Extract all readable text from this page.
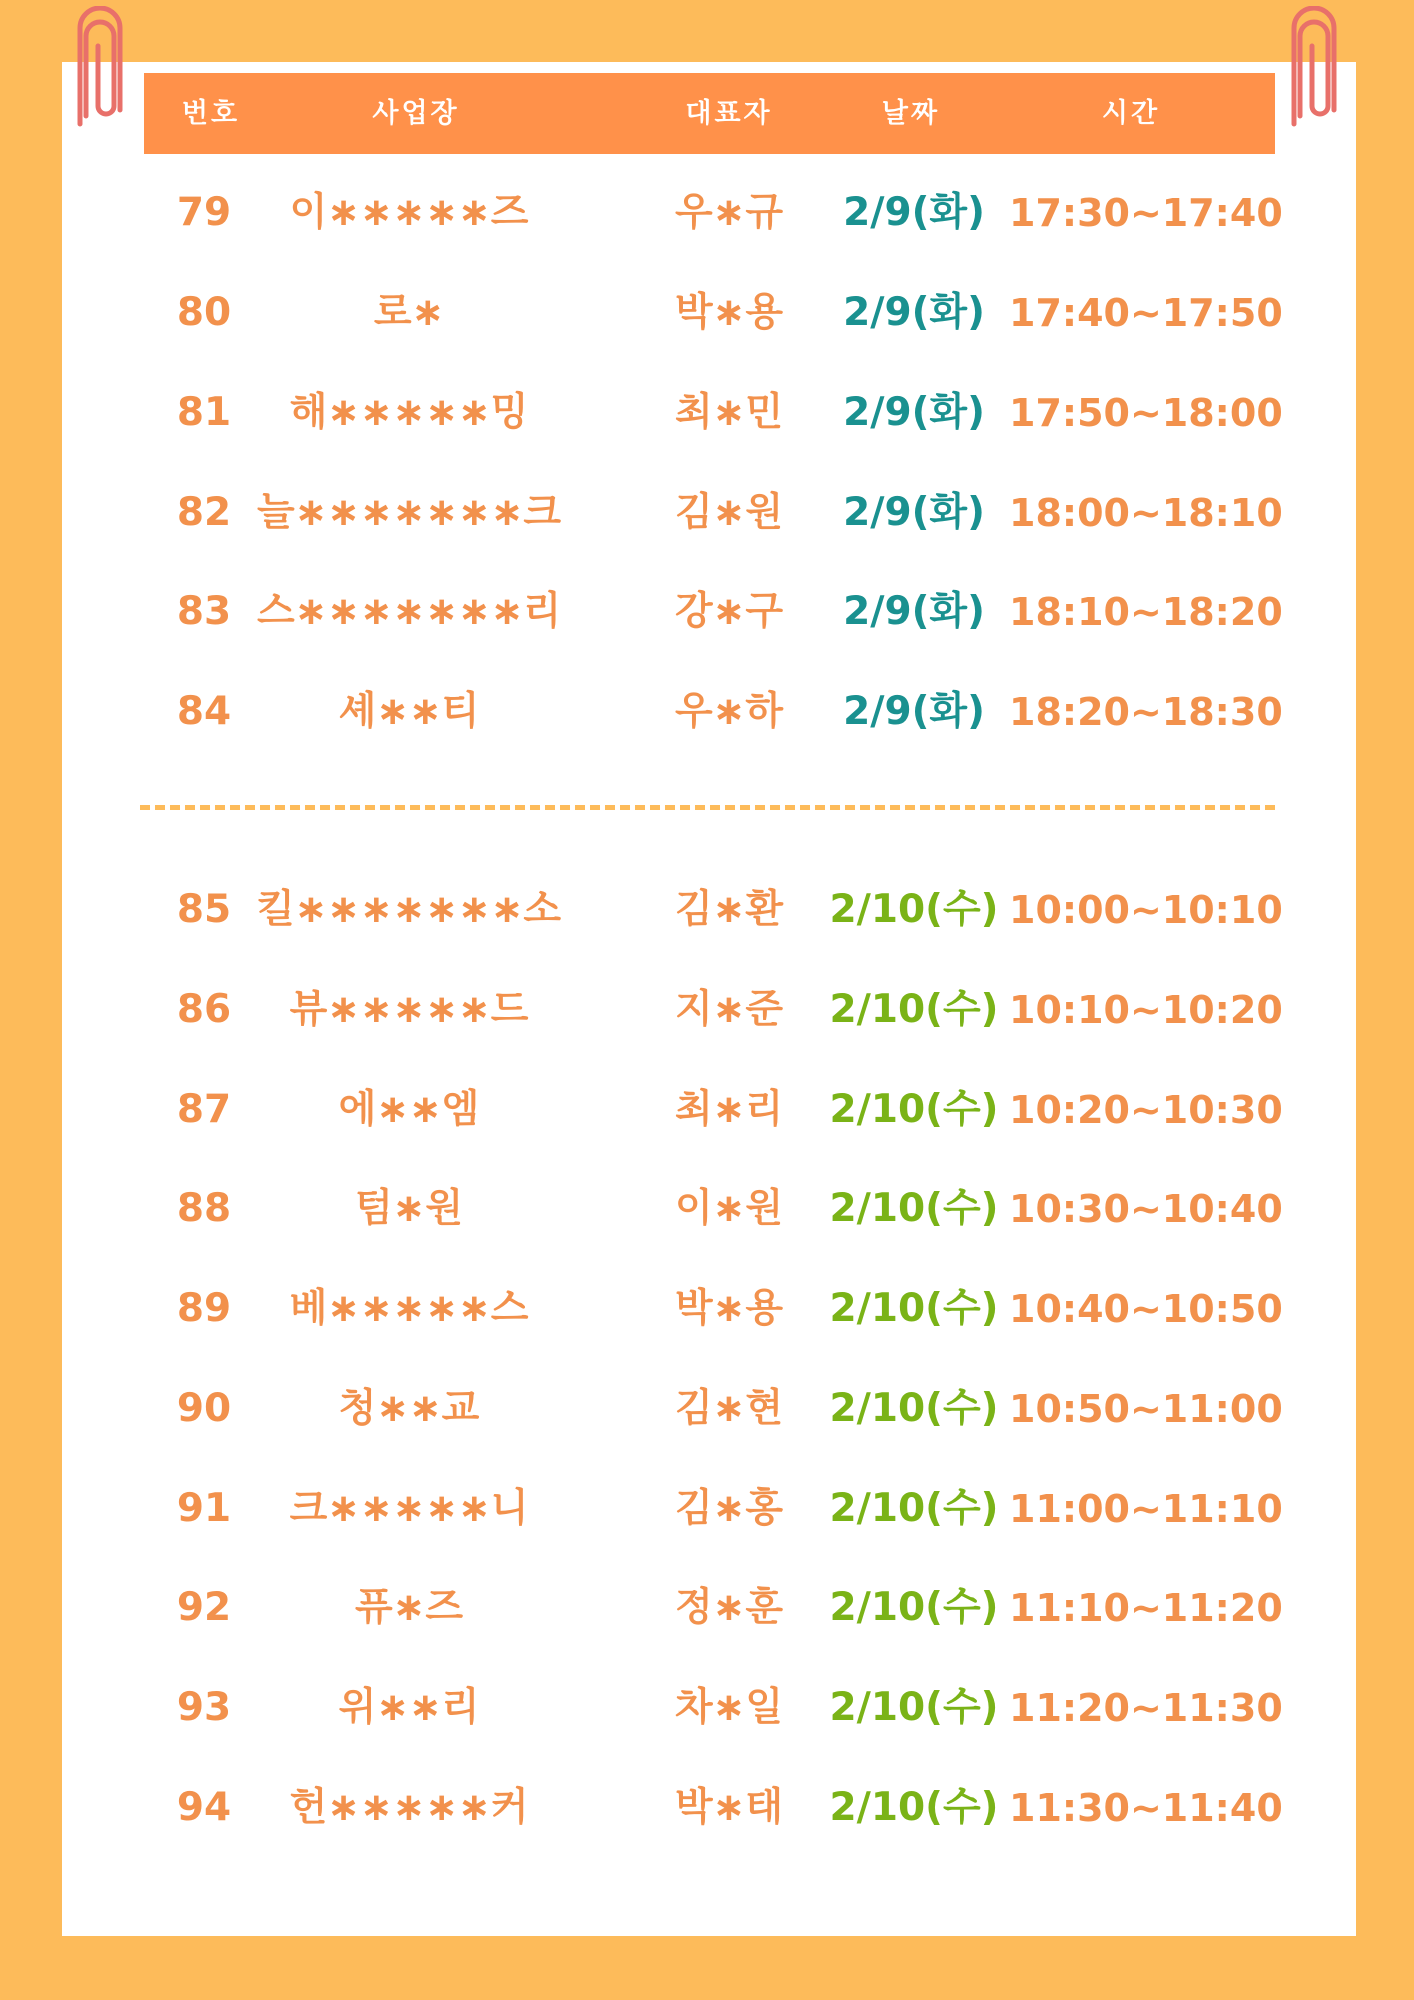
번호	사업장	대표자	날짜	시간
79	이∗∗∗∗∗즈	우∗규	2/9(화) 17:30~17:40
80	로∗	박∗용	2/9(화) 17:40~17:50
81	해∗∗∗∗∗밍	최∗민	2/9(화) 17:50~18:00
82 늘∗∗∗∗∗∗∗크	김∗원	2/9(화) 18:00~18:10
83 스∗∗∗∗∗∗∗리	강∗구	2/9(화) 18:10~18:20
84	셰∗∗티	우∗하	2/9(화) 18:20~18:30
85 킬∗∗∗∗∗∗∗소	김∗환	2/10(수) 10:00~10:10
86	뷰∗∗∗∗∗드	지∗준	2/10(수) 10:10~10:20
87	에∗∗엠	최∗리	2/10(수) 10:20~10:30
88	텀∗원	이∗원	2/10(수) 10:30~10:40
89	베∗∗∗∗∗스	박∗용	2/10(수) 10:40~10:50
90	청∗∗교	김∗현	2/10(수) 10:50~11:00
91	크∗∗∗∗∗니	김∗홍	2/10(수) 11:00~11:10
92	퓨∗즈	정∗훈	2/10(수) 11:10~11:20
93	위∗∗리	차∗일	2/10(수) 11:20~11:30
94	헌∗∗∗∗∗커	박∗태	2/10(수) 11:30~11:40
